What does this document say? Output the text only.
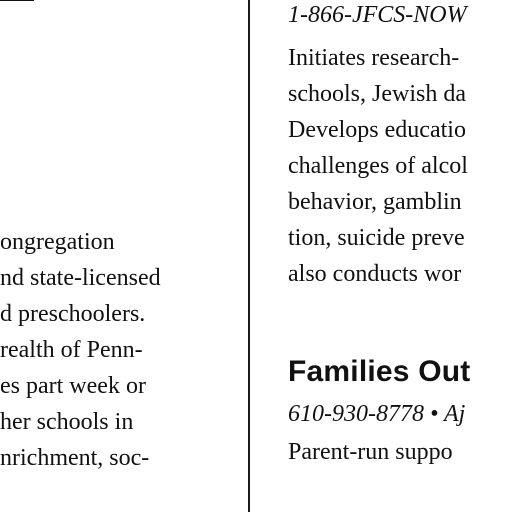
ongregation
nd state-licensed
d preschoolers.
realth of Penn-
es part week or
her schools in
nrichment, soc-
1-866-JFCS-NOW
Initiates research-
schools, Jewish da
Develops educatio
challenges of alcol
behavior, gamblin
tion, suicide preve
also conducts wor
Families Out
610-930-8778 • Aj
Parent-run suppo
